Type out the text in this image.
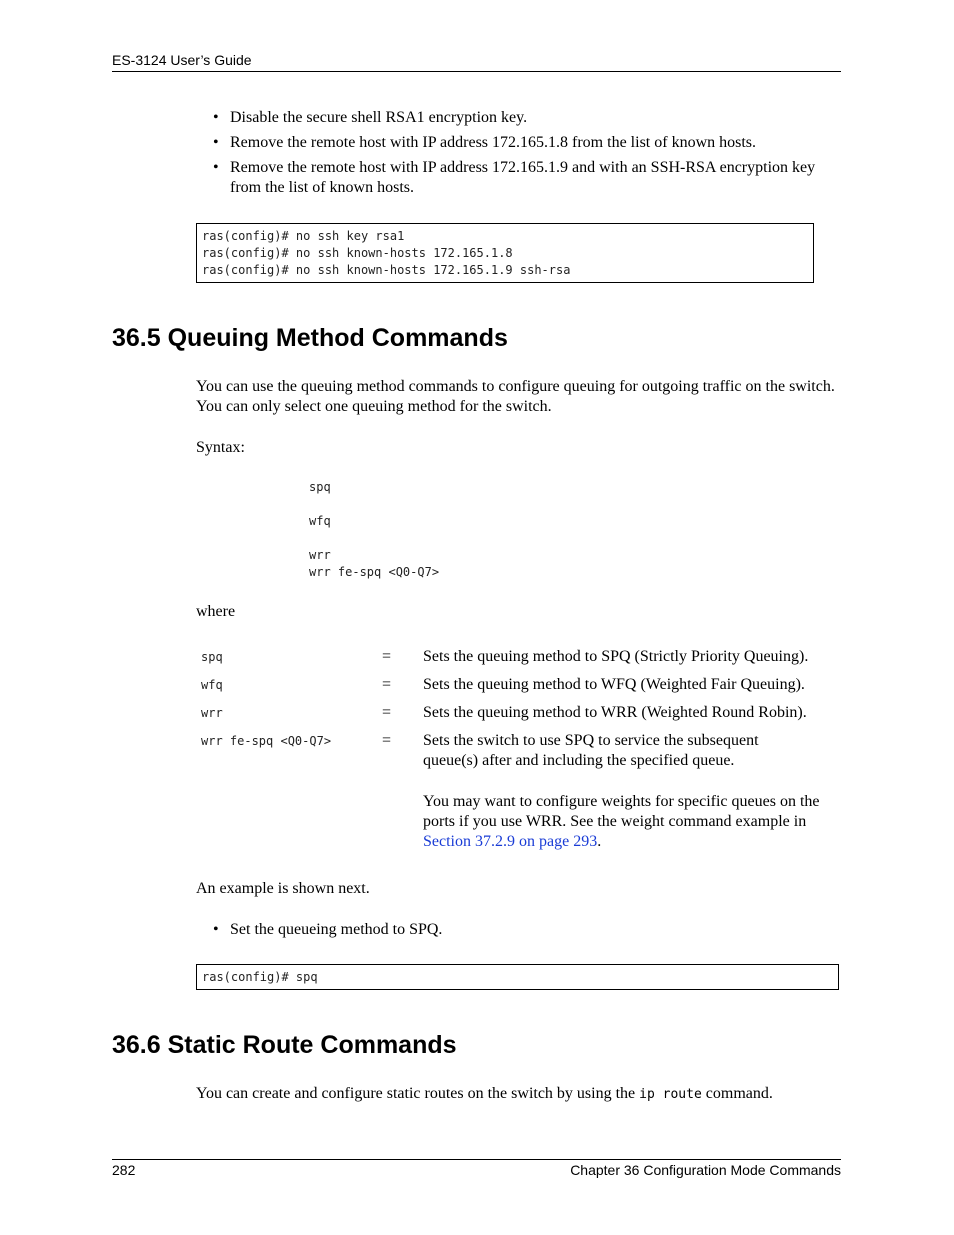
ES-3124 User’s Guide
• Disable the secure shell RSA1 encryption key.
• Remove the remote host with IP address 172.165.1.8 from the list of known hosts.
• Remove the remote host with IP address 172.165.1.9 and with an SSH-RSA encryption key from the list of known hosts.
ras(config)# no ssh key rsa1
ras(config)# no ssh known-hosts 172.165.1.8
ras(config)# no ssh known-hosts 172.165.1.9 ssh-rsa
36.5 Queuing Method Commands
You can use the queuing method commands to configure queuing for outgoing traffic on the switch. You can only select one queuing method for the switch.
Syntax:
spq
wfq
wrr
wrr fe-spq <Q0-Q7>
where
spq	= Sets the queuing method to SPQ (Strictly Priority Queuing).
wfq	= Sets the queuing method to WFQ (Weighted Fair Queuing).
wrr	= Sets the queuing method to WRR (Weighted Round Robin).
wrr fe-spq <Q0-Q7>	= Sets the switch to use SPQ to service the subsequent queue(s) after and including the specified queue.
You may want to configure weights for specific queues on the ports if you use WRR. See the weight command example in Section 37.2.9 on page 293.
An example is shown next.
• Set the queueing method to SPQ.
ras(config)# spq
36.6 Static Route Commands
You can create and configure static routes on the switch by using the ip route command.
282	Chapter 36 Configuration Mode Commands
